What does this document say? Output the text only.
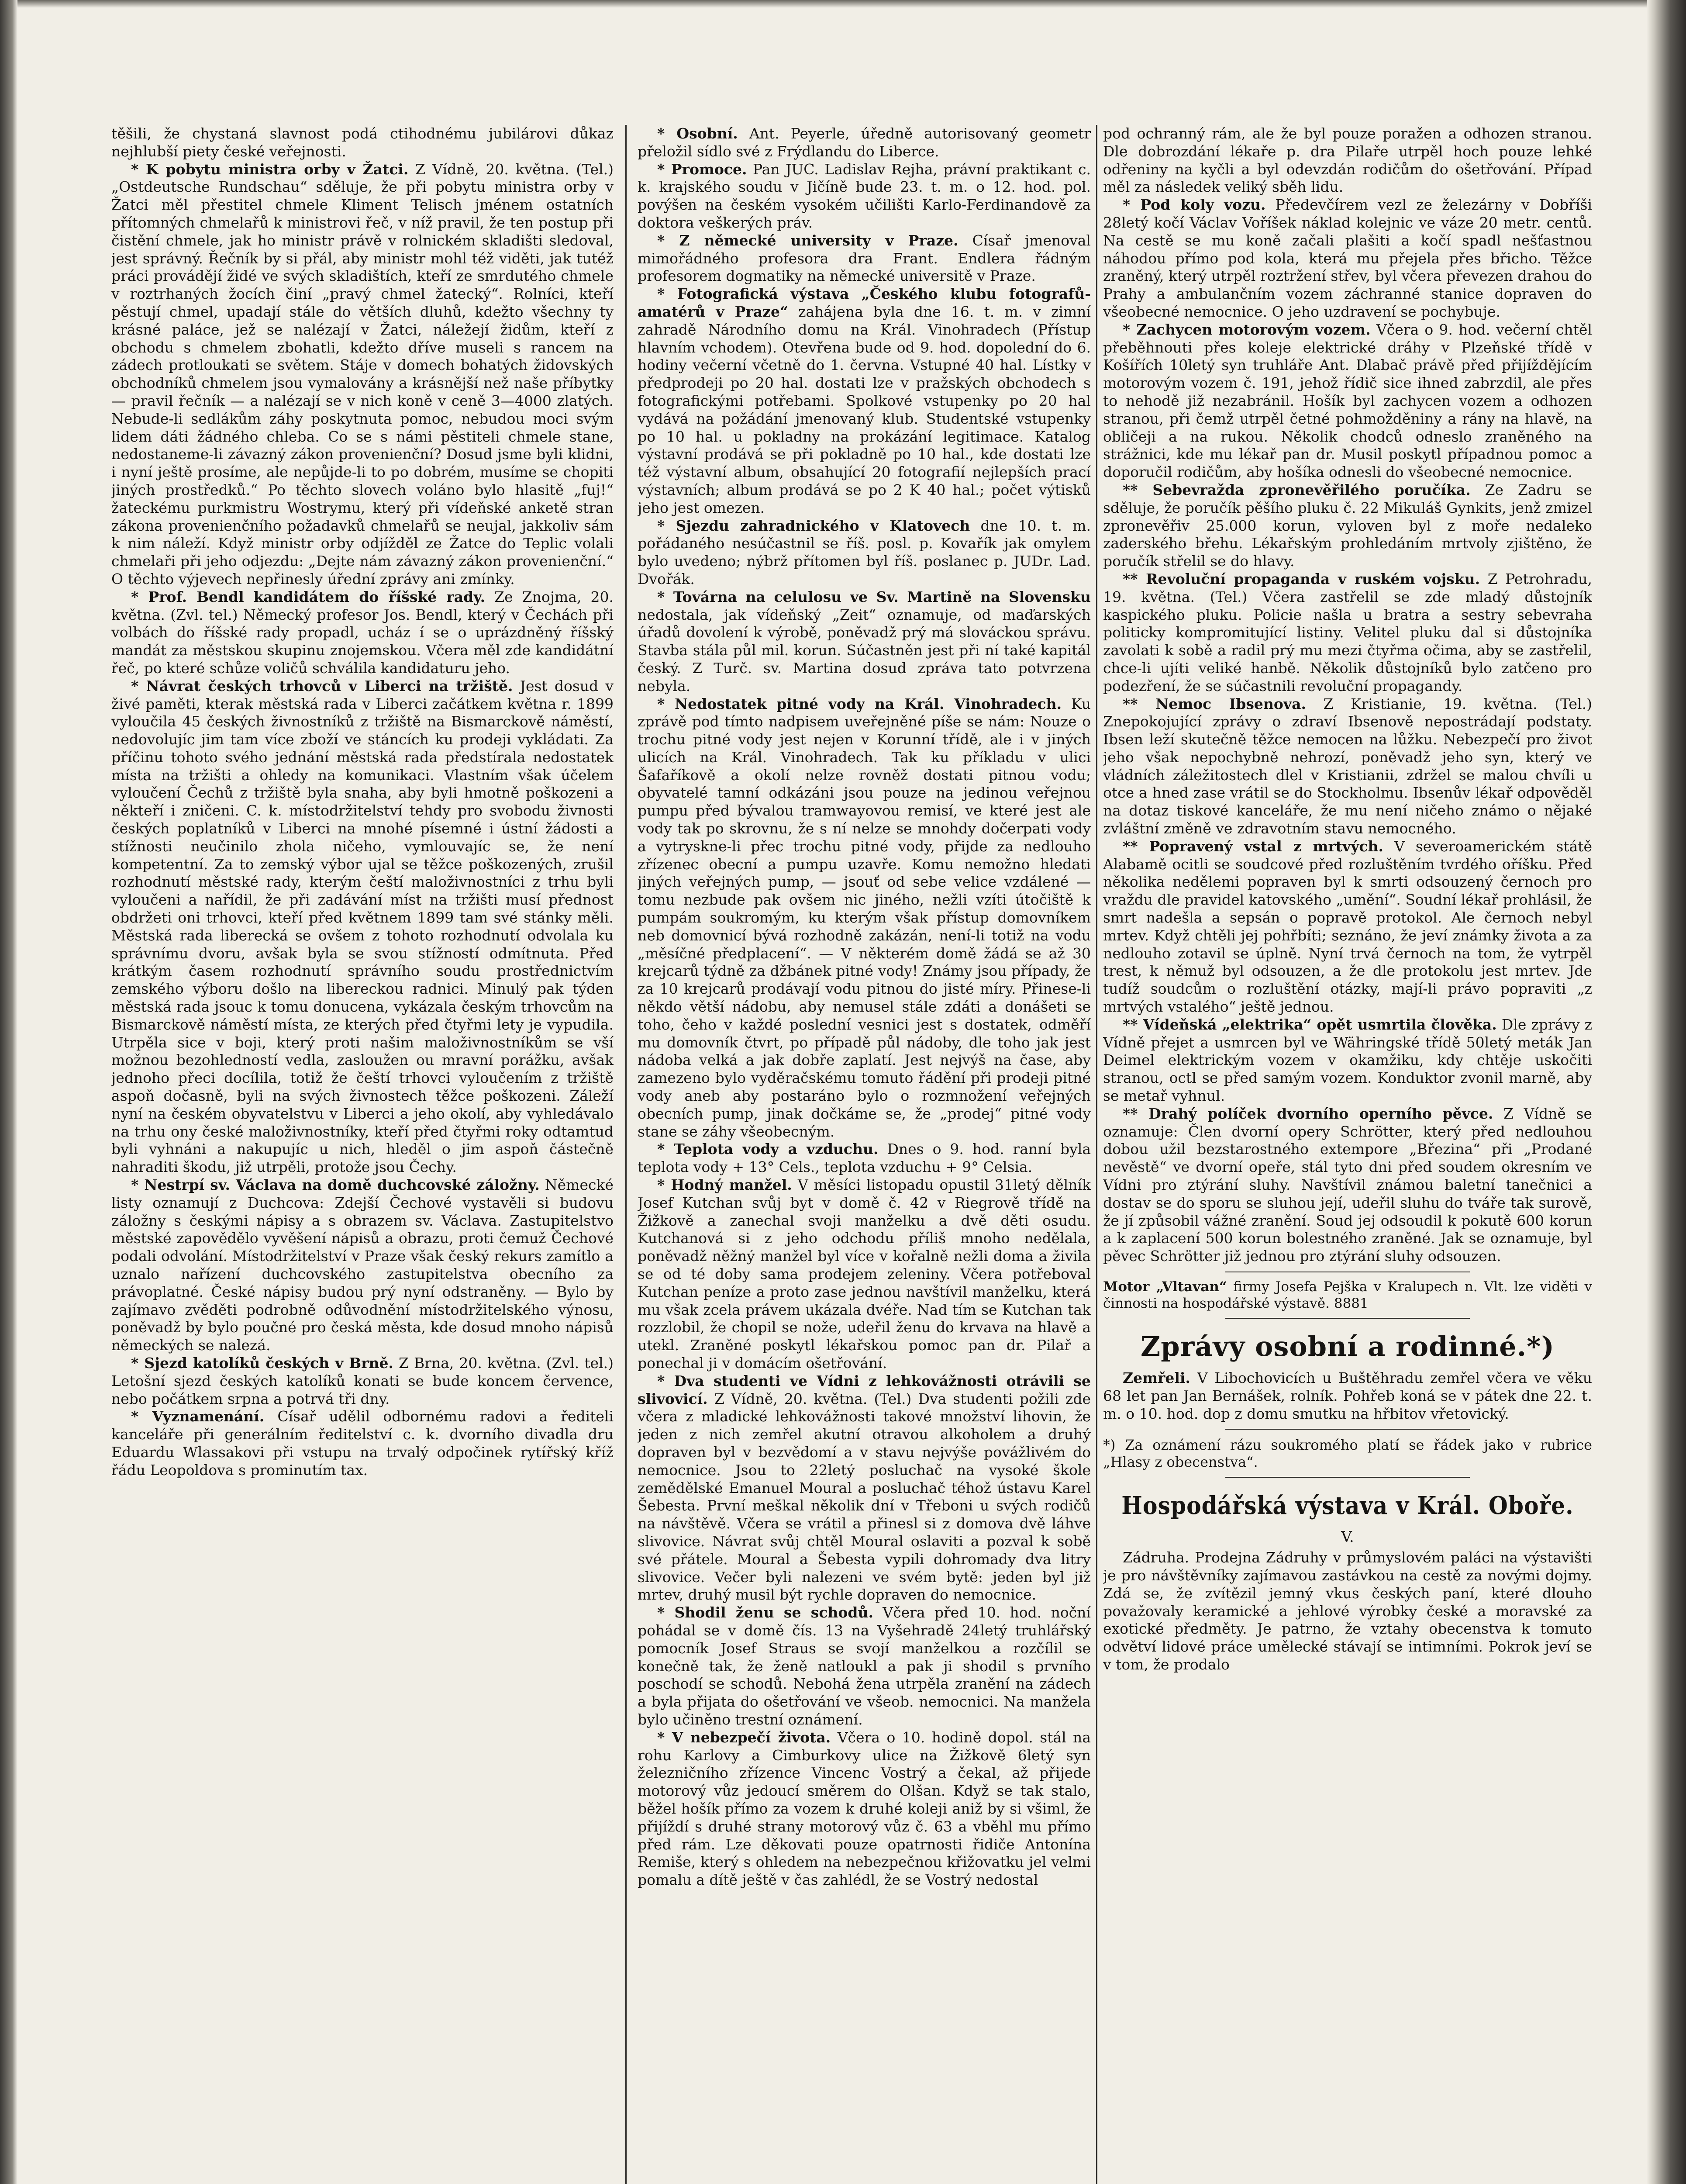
těšili, že chystaná slavnost podá ctihodnému jubilárovi důkaz nejhlubší piety české veřejnosti.

* K pobytu ministra orby v Žatci. Z Vídně, 20. května. (Tel.) „Ostdeutsche Rundschau“ sděluje, že při pobytu ministra orby v Žatci měl přestitel chmele Kliment Telisch jménem ostatních přítomných chmelařů k ministrovi řeč, v níž pravil, že ten postup při čistění chmele, jak ho ministr právě v rolnickém skladišti sledoval, jest správný. Řečník by si přál, aby ministr mohl též viděti, jak tutéž práci provádějí židé ve svých skladištích, kteří ze smrdutého chmele v roztrhaných žocích činí „pravý chmel žatecký“. Rolníci, kteří pěstují chmel, upadají stále do větších dluhů, kdežto všechny ty krásné paláce, jež se nalézají v Žatci, náležejí židům, kteří z obchodu s chmelem zbohatli, kdežto dříve museli s rancem na zádech protloukati se světem. Stáje v domech bohatých židovských obchodníků chmelem jsou vymalovány a krásnější než naše příbytky — pravil řečník — a nalézají se v nich koně v ceně 3—4000 zlatých. Nebude-li sedlákům záhy poskytnuta pomoc, nebudou moci svým lidem dáti žádného chleba. Co se s námi pěstiteli chmele stane, nedostaneme-li závazný zákon provenienční? Dosud jsme byli klidni, i nyní ještě prosíme, ale nepůjde-li to po dobrém, musíme se chopiti jiných prostředků.“ Po těchto slovech voláno bylo hlasitě „fuj!“ žateckému purkmistru Wostrymu, který při vídeňské anketě stran zákona provenienčního požadavků chmelařů se neujal, jakkoliv sám k nim náleží. Když ministr orby odjížděl ze Žatce do Teplic volali chmelaři při jeho odjezdu: „Dejte nám závazný zákon provenienční.“ O těchto výjevech nepřinesly úřední zprávy ani zmínky.

* Prof. Bendl kandidátem do říšské rady. Ze Znojma, 20. května. (Zvl. tel.) Německý profesor Jos. Bendl, který v Čechách při volbách do říšské rady propadl, ucház í se o uprázdněný říšský mandát za městskou skupinu znojemskou. Včera měl zde kandidátní řeč, po které schůze voličů schválila kandidaturu jeho.

* Návrat českých trhovců v Liberci na tržiště. Jest dosud v živé paměti, kterak městská rada v Liberci začátkem května r. 1899 vyloučila 45 českých živnostníků z tržiště na Bismarckově náměstí, nedovolujíc jim tam více zboží ve stáncích ku prodeji vykládati. Za příčinu tohoto svého jednání městská rada předstírala nedostatek místa na tržišti a ohledy na komunikaci. Vlastním však účelem vyloučení Čechů z tržiště byla snaha, aby byli hmotně poškozeni a někteří i zničeni. C. k. místodržitelství tehdy pro svobodu živnosti českých poplatníků v Liberci na mnohé písemné i ústní žádosti a stížnosti neučinilo zhola ničeho, vymlouvajíc se, že není kompetentní. Za to zemský výbor ujal se těžce poškozených, zrušil rozhodnutí městské rady, kterým čeští maloživnostníci z trhu byli vyloučeni a nařídil, že při zadávání míst na tržišti musí přednost obdržeti oni trhovci, kteří před květnem 1899 tam své stánky měli. Městská rada liberecká se ovšem z tohoto rozhodnutí odvolala ku správnímu dvoru, avšak byla se svou stížností odmítnuta. Před krátkým časem rozhodnutí správního soudu prostřednictvím zemského výboru došlo na libereckou radnici. Minulý pak týden městská rada jsouc k tomu donucena, vykázala českým trhovcům na Bismarckově náměstí místa, ze kterých před čtyřmi lety je vypudila. Utrpěla sice v boji, který proti našim maloživnostníkům se vší možnou bezohledností vedla, zasloužen ou mravní porážku, avšak jednoho přeci docílila, totiž že čeští trhovci vyloučením z tržiště aspoň dočasně, byli na svých živnostech těžce poškozeni. Záleží nyní na českém obyvatelstvu v Liberci a jeho okolí, aby vyhledávalo na trhu ony české maloživnostníky, kteří před čtyřmi roky odtamtud byli vyhnáni a nakupujíc u nich, hleděl o jim aspoň částečně nahraditi škodu, již utrpěli, protože jsou Čechy.

* Nestrpí sv. Václava na domě duchcovské záložny. Německé listy oznamují z Duchcova: Zdejší Čechové vystavěli si budovu záložny s českými nápisy a s obrazem sv. Václava. Zastupitelstvo městské zapovědělo vyvěšení nápisů a obrazu, proti čemuž Čechové podali odvolání. Místodržitelství v Praze však český rekurs zamítlo a uznalo nařízení duchcovského zastupitelstva obecního za právoplatné. České nápisy budou prý nyní odstraněny. — Bylo by zajímavo zvěděti podrobně odůvodnění místodržitelského výnosu, poněvadž by bylo poučné pro česká města, kde dosud mnoho nápisů německých se nalezá.

* Sjezd katolíků českých v Brně. Z Brna, 20. května. (Zvl. tel.) Letošní sjezd českých katolíků konati se bude koncem července, nebo počátkem srpna a potrvá tři dny.

* Vyznamenání. Císař udělil odbornému radovi a řediteli kanceláře při generálním ředitelství c. k. dvorního divadla dru Eduardu Wlassakovi při vstupu na trvalý odpočinek rytířský kříž řádu Leopoldova s prominutím tax.

* Osobní. Ant. Peyerle, úředně autorisovaný geometr přeložil sídlo své z Frýdlandu do Liberce.

* Promoce. Pan JUC. Ladislav Rejha, právní praktikant c. k. krajského soudu v Jičíně bude 23. t. m. o 12. hod. pol. povýšen na českém vysokém učilišti Karlo-Ferdinandově za doktora veškerých práv.

* Z německé university v Praze. Císař jmenoval mimořádného profesora dra Frant. Endlera řádným profesorem dogmatiky na německé universitě v Praze.

* Fotografická výstava „Českého klubu fotografů-amatérů v Praze“ zahájena byla dne 16. t. m. v zimní zahradě Národního domu na Král. Vinohradech (Přístup hlavním vchodem). Otevřena bude od 9. hod. dopolední do 6. hodiny večerní včetně do 1. června. Vstupné 40 hal. Lístky v předprodeji po 20 hal. dostati lze v pražských obchodech s fotografickými potřebami. Spolkové vstupenky po 20 hal vydává na požádání jmenovaný klub. Studentské vstupenky po 10 hal. u pokladny na prokázání legitimace. Katalog výstavní prodává se při pokladně po 10 hal., kde dostati lze též výstavní album, obsahující 20 fotografií nejlepších prací výstavních; album prodává se po 2 K 40 hal.; počet výtisků jeho jest omezen.

* Sjezdu zahradnického v Klatovech dne 10. t. m. pořádaného nesúčastnil se říš. posl. p. Kovařík jak omylem bylo uvedeno; nýbrž přítomen byl říš. poslanec p. JUDr. Lad. Dvořák.

* Továrna na celulosu ve Sv. Martině na Slovensku nedostala, jak vídeňský „Zeit“ oznamuje, od maďarských úřadů dovolení k výrobě, poněvadž prý má slováckou správu. Stavba stála půl mil. korun. Súčastněn jest při ní také kapitál český. Z Turč. sv. Martina dosud zpráva tato potvrzena nebyla.

* Nedostatek pitné vody na Král. Vinohradech. Ku zprávě pod tímto nadpisem uveřejněné píše se nám: Nouze o trochu pitné vody jest nejen v Korunní třídě, ale i v jiných ulicích na Král. Vinohradech. Tak ku příkladu v ulici Šafaříkově a okolí nelze rovněž dostati pitnou vodu; obyvatelé tamní odkázáni jsou pouze na jedinou veřejnou pumpu před bývalou tramwayovou remisí, ve které jest ale vody tak po skrovnu, že s ní nelze se mnohdy dočerpati vody a vytryskne-li přec trochu pitné vody, přijde za nedlouho zřízenec obecní a pumpu uzavře. Komu nemožno hledati jiných veřejných pump, — jsouť od sebe velice vzdálené — tomu nezbude pak ovšem nic jiného, nežli vzíti útočiště k pumpám soukromým, ku kterým však přístup domovníkem neb domovnicí bývá rozhodně zakázán, není-li totiž na vodu „měsíčné předplacení“. — V některém domě žádá se až 30 krejcarů týdně za džbánek pitné vody! Známy jsou případy, že za 10 krejcarů prodávají vodu pitnou do jisté míry. Přinese-li někdo větší nádobu, aby nemusel stále zdáti a donášeti se toho, čeho v každé poslední vesnici jest s dostatek, odměří mu domovník čtvrt, po případě půl nádoby, dle toho jak jest nádoba velká a jak dobře zaplatí. Jest nejvýš na čase, aby zamezeno bylo vyděračskému tomuto řádění při prodeji pitné vody aneb aby postaráno bylo o rozmnožení veřejných obecních pump, jinak dočkáme se, že „prodej“ pitné vody stane se záhy všeobecným.

* Teplota vody a vzduchu. Dnes o 9. hod. ranní byla teplota vody + 13° Cels., teplota vzduchu + 9° Celsia.

* Hodný manžel. V měsíci listopadu opustil 31letý dělník Josef Kutchan svůj byt v domě č. 42 v Riegrově třídě na Žižkově a zanechal svoji manželku a dvě děti osudu. Kutchanová si z jeho odchodu příliš mnoho nedělala, poněvadž něžný manžel byl více v kořalně nežli doma a živila se od té doby sama prodejem zeleniny. Včera potřeboval Kutchan peníze a proto zase jednou navštívil manželku, která mu však zcela právem ukázala dvéře. Nad tím se Kutchan tak rozzlobil, že chopil se nože, udeřil ženu do krvava na hlavě a utekl. Zraněné poskytl lékařskou pomoc pan dr. Pilař a ponechal ji v domácím ošetřování.

* Dva studenti ve Vídni z lehkovážnosti otrávili se slivovicí. Z Vídně, 20. května. (Tel.) Dva studenti požili zde včera z mladické lehkovážnosti takové množství lihovin, že jeden z nich zemřel akutní otravou alkoholem a druhý dopraven byl v bezvědomí a v stavu nejvýše povážlivém do nemocnice. Jsou to 22letý posluchač na vysoké škole zemědělské Emanuel Moural a posluchač téhož ústavu Karel Šebesta. První meškal několik dní v Třeboni u svých rodičů na návštěvě. Včera se vrátil a přinesl si z domova dvě láhve slivovice. Návrat svůj chtěl Moural oslaviti a pozval k sobě své přátele. Moural a Šebesta vypili dohromady dva litry slivovice. Večer byli nalezeni ve svém bytě: jeden byl již mrtev, druhý musil být rychle dopraven do nemocnice.

* Shodil ženu se schodů. Včera před 10. hod. noční pohádal se v domě čís. 13 na Vyšehradě 24letý truhlářský pomocník Josef Straus se svojí manželkou a rozčílil se konečně tak, že ženě natloukl a pak ji shodil s prvního poschodí se schodů. Nebohá žena utrpěla zranění na zádech a byla přijata do ošetřování ve všeob. nemocnici. Na manžela bylo učiněno trestní oznámení.

* V nebezpečí života. Včera o 10. hodině dopol. stál na rohu Karlovy a Cimburkovy ulice na Žižkově 6letý syn železničního zřízence Vincenc Vostrý a čekal, až přijede motorový vůz jedoucí směrem do Olšan. Když se tak stalo, běžel hošík přímo za vozem k druhé koleji aniž by si všiml, že přijíždí s druhé strany motorový vůz č. 63 a vběhl mu přímo před rám. Lze děkovati pouze opatrnosti řidiče Antonína Remiše, který s ohledem na nebezpečnou křižovatku jel velmi pomalu a dítě ještě v čas zahlédl, že se Vostrý nedostal

pod ochranný rám, ale že byl pouze poražen a odhozen stranou. Dle dobrozdání lékaře p. dra Pilaře utrpěl hoch pouze lehké odřeniny na kyčli a byl odevzdán rodičům do ošetřování. Případ měl za následek veliký sběh lidu.

* Pod koly vozu. Předevčírem vezl ze železárny v Dobříši 28letý kočí Václav Voříšek náklad kolejnic ve váze 20 metr. centů. Na cestě se mu koně začali plašiti a kočí spadl nešťastnou náhodou přímo pod kola, která mu přejela přes břicho. Těžce zraněný, který utrpěl roztržení střev, byl včera převezen drahou do Prahy a ambulančním vozem záchranné stanice dopraven do všeobecné nemocnice. O jeho uzdravení se pochybuje.

* Zachycen motorovým vozem. Včera o 9. hod. večerní chtěl přeběhnouti přes koleje elektrické dráhy v Plzeňské třídě v Košířích 10letý syn truhláře Ant. Dlabač právě před přijíždějícím motorovým vozem č. 191, jehož řídič sice ihned zabrzdil, ale přes to nehodě již nezabránil. Hošík byl zachycen vozem a odhozen stranou, při čemž utrpěl četné pohmožděniny a rány na hlavě, na obličeji a na rukou. Několik chodců odneslo zraněného na strážnici, kde mu lékař pan dr. Musil poskytl případnou pomoc a doporučil rodičům, aby hošíka odnesli do všeobecné nemocnice.

** Sebevražda zpronevěřilého poručíka. Ze Zadru se sděluje, že poručík pěšího pluku č. 22 Mikuláš Gynkits, jenž zmizel zpronevěřiv 25.000 korun, vyloven byl z moře nedaleko zaderského břehu. Lékařským prohledáním mrtvoly zjištěno, že poručík střelil se do hlavy.

** Revoluční propaganda v ruském vojsku. Z Petrohradu, 19. května. (Tel.) Včera zastřelil se zde mladý důstojník kaspického pluku. Policie našla u bratra a sestry sebevraha politicky kompromitující listiny. Velitel pluku dal si důstojníka zavolati k sobě a radil prý mu mezi čtyřma očima, aby se zastřelil, chce-li ujíti veliké hanbě. Několik důstojníků bylo zatčeno pro podezření, že se súčastnili revoluční propagandy.

** Nemoc Ibsenova. Z Kristianie, 19. května. (Tel.) Znepokojující zprávy o zdraví Ibsenově nepostrádají podstaty. Ibsen leží skutečně těžce nemocen na lůžku. Nebezpečí pro život jeho však nepochybně nehrozí, poněvadž jeho syn, který ve vládních záležitostech dlel v Kristianii, zdržel se malou chvíli u otce a hned zase vrátil se do Stockholmu. Ibsenův lékař odpověděl na dotaz tiskové kanceláře, že mu není ničeho známo o nějaké zvláštní změně ve zdravotním stavu nemocného.

** Popravený vstal z mrtvých. V severoamerickém státě Alabamě ocitli se soudcové před rozluštěním tvrdého oříšku. Před několika nedělemi popraven byl k smrti odsouzený černoch pro vraždu dle pravidel katovského „umění“. Soudní lékař prohlásil, že smrt nadešla a sepsán o popravě protokol. Ale černoch nebyl mrtev. Když chtěli jej pohřbíti; seznáno, že jeví známky života a za nedlouho zotavil se úplně. Nyní trvá černoch na tom, že vytrpěl trest, k němuž byl odsouzen, a že dle protokolu jest mrtev. Jde tudíž soudcům o rozluštění otázky, mají-li právo popraviti „z mrtvých vstalého“ ještě jednou.

** Vídeňská „elektrika“ opět usmrtila člověka. Dle zprávy z Vídně přejet a usmrcen byl ve Währingské třídě 50letý meták Jan Deimel elektrickým vozem v okamžiku, kdy chtěje uskočiti stranou, octl se před samým vozem. Konduktor zvonil marně, aby se metař vyhnul.

** Drahý políček dvorního operního pěvce. Z Vídně se oznamuje: Člen dvorní opery Schrötter, který před nedlouhou dobou užil bezstarostného extempore „Březina“ při „Prodané nevěstě“ ve dvorní opeře, stál tyto dni před soudem okresním ve Vídni pro ztýrání sluhy. Navštívil známou baletní tanečnici a dostav se do sporu se sluhou její, udeřil sluhu do tváře tak surově, že jí způsobil vážné zranění. Soud jej odsoudil k pokutě 600 korun a k zaplacení 500 korun bolestného zraněné. Jak se oznamuje, byl pěvec Schrötter již jednou pro ztýrání sluhy odsouzen.

Motor „Vltavan“ firmy Josefa Pejška v Kralupech n. Vlt. lze viděti v činnosti na hospodářské výstavě. 8881
Zprávy osobní a rodinné.*)

Zemřeli. V Libochovicích u Buštěhradu zemřel včera ve věku 68 let pan Jan Bernášek, rolník. Pohřeb koná se v pátek dne 22. t. m. o 10. hod. dop z domu smutku na hřbitov vřetovický.

*) Za oznámení rázu soukromého platí se řádek jako v rubrice „Hlasy z obecenstva“.
Hospodářská výstava v Král. Oboře.
V.

Zádruha. Prodejna Zádruhy v průmyslovém paláci na výstavišti je pro návštěvníky zajímavou zastávkou na cestě za novými dojmy. Zdá se, že zvítězil jemný vkus českých paní, které dlouho považovaly keramické a jehlové výrobky české a moravské za exotické předměty. Je patrno, že vztahy obecenstva k tomuto odvětví lidové práce umělecké stávají se intimními. Pokrok jeví se v tom, že prodalo
